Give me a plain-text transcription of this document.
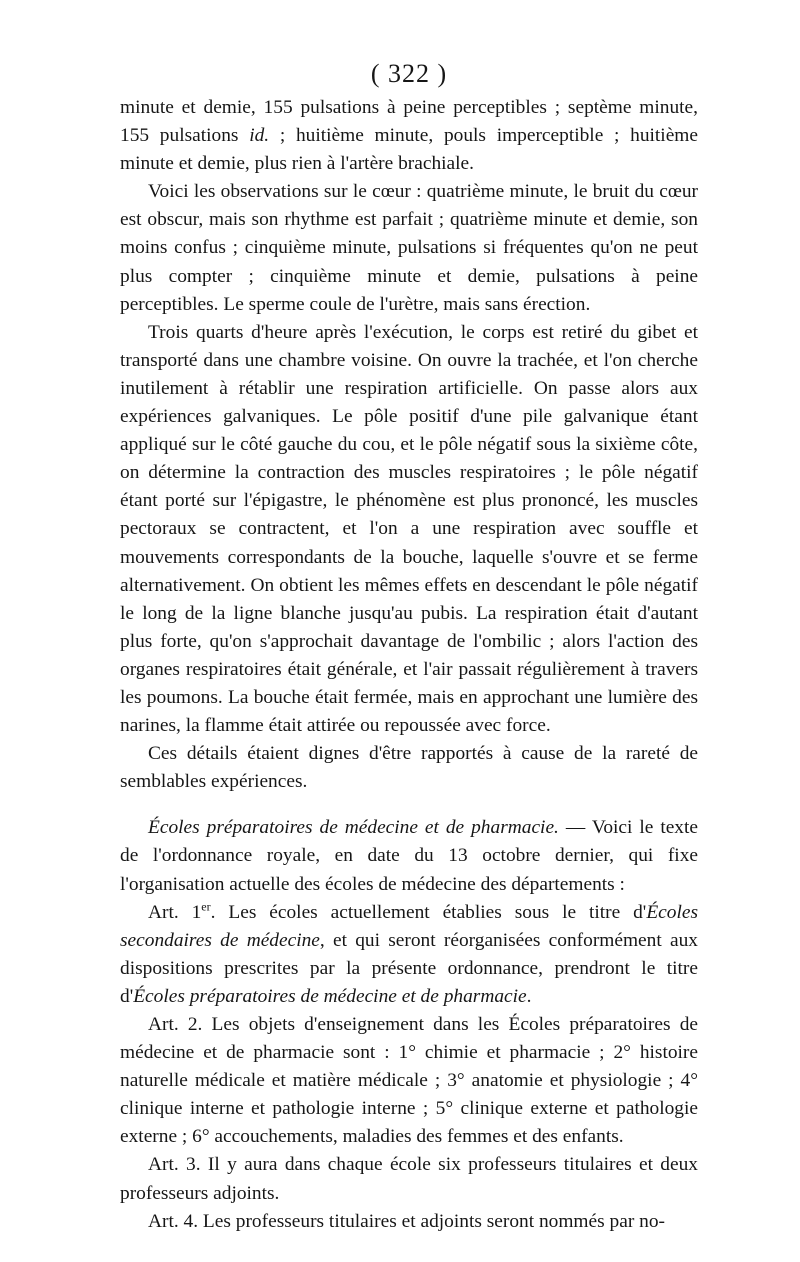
( 322 )

minute et demie, 155 pulsations à peine perceptibles ; septème minute, 155 pulsations id. ; huitième minute, pouls imperceptible ; huitième minute et demie, plus rien à l'artère brachiale.

Voici les observations sur le cœur : quatrième minute, le bruit du cœur est obscur, mais son rhythme est parfait ; quatrième minute et demie, son moins confus ; cinquième minute, pulsations si fréquentes qu'on ne peut plus compter ; cinquième minute et demie, pulsations à peine perceptibles. Le sperme coule de l'urètre, mais sans érection.

Trois quarts d'heure après l'exécution, le corps est retiré du gibet et transporté dans une chambre voisine. On ouvre la trachée, et l'on cherche inutilement à rétablir une respiration artificielle. On passe alors aux expériences galvaniques. Le pôle positif d'une pile galvanique étant appliqué sur le côté gauche du cou, et le pôle négatif sous la sixième côte, on détermine la contraction des muscles respiratoires ; le pôle négatif étant porté sur l'épigastre, le phénomène est plus prononcé, les muscles pectoraux se contractent, et l'on a une respiration avec souffle et mouvements correspondants de la bouche, laquelle s'ouvre et se ferme alternativement. On obtient les mêmes effets en descendant le pôle négatif le long de la ligne blanche jusqu'au pubis. La respiration était d'autant plus forte, qu'on s'approchait davantage de l'ombilic ; alors l'action des organes respiratoires était générale, et l'air passait régulièrement à travers les poumons. La bouche était fermée, mais en approchant une lumière des narines, la flamme était attirée ou repoussée avec force.

Ces détails étaient dignes d'être rapportés à cause de la rareté de semblables expériences.

Écoles préparatoires de médecine et de pharmacie. — Voici le texte de l'ordonnance royale, en date du 13 octobre dernier, qui fixe l'organisation actuelle des écoles de médecine des départements :

Art. 1er. Les écoles actuellement établies sous le titre d'Écoles secondaires de médecine, et qui seront réorganisées conformément aux dispositions prescrites par la présente ordonnance, prendront le titre d'Écoles préparatoires de médecine et de pharmacie.

Art. 2. Les objets d'enseignement dans les Écoles préparatoires de médecine et de pharmacie sont : 1° chimie et pharmacie ; 2° histoire naturelle médicale et matière médicale ; 3° anatomie et physiologie ; 4° clinique interne et pathologie interne ; 5° clinique externe et pathologie externe ; 6° accouchements, maladies des femmes et des enfants.

Art. 3. Il y aura dans chaque école six professeurs titulaires et deux professeurs adjoints.

Art. 4. Les professeurs titulaires et adjoints seront nommés par no-
